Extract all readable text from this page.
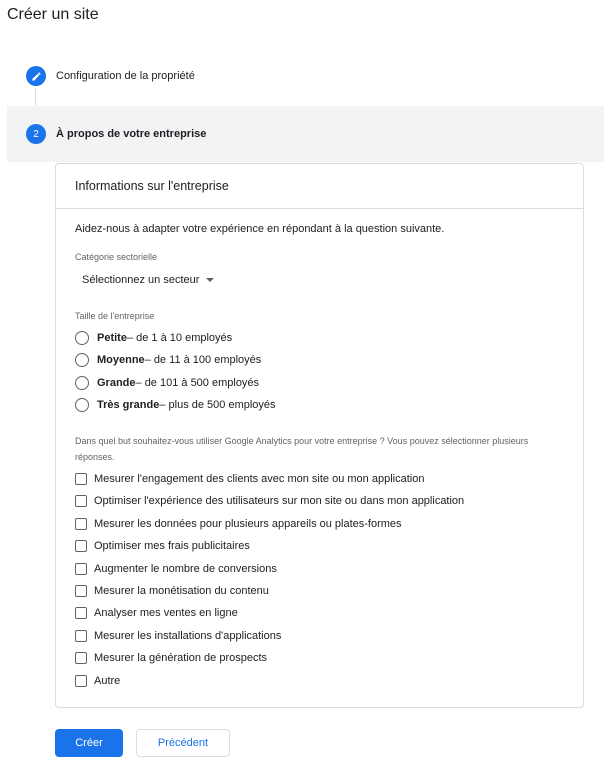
Créer un site
Configuration de la propriété
2 À propos de votre entreprise
Informations sur l'entreprise
Aidez-nous à adapter votre expérience en répondant à la question suivante.
Catégorie sectorielle
Sélectionnez un secteur
Taille de l'entreprise
Petite – de 1 à 10 employés
Moyenne – de 11 à 100 employés
Grande – de 101 à 500 employés
Très grande – plus de 500 employés
Dans quel but souhaitez-vous utiliser Google Analytics pour votre entreprise ? Vous pouvez sélectionner plusieurs réponses.
Mesurer l'engagement des clients avec mon site ou mon application
Optimiser l'expérience des utilisateurs sur mon site ou dans mon application
Mesurer les données pour plusieurs appareils ou plates-formes
Optimiser mes frais publicitaires
Augmenter le nombre de conversions
Mesurer la monétisation du contenu
Analyser mes ventes en ligne
Mesurer les installations d'applications
Mesurer la génération de prospects
Autre
Créer	Précédent
